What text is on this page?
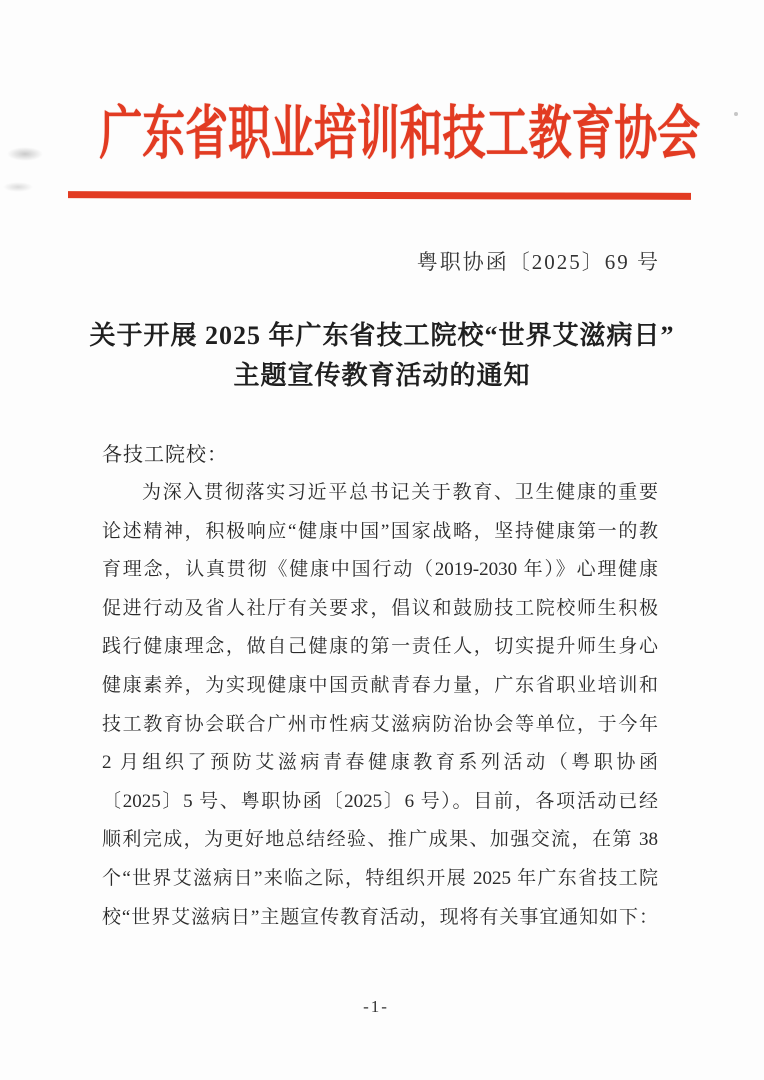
广东省职业培训和技工教育协会
粤职协函〔2025〕69 号
关于开展 2025 年广东省技工院校“世界艾滋病日”
主题宣传教育活动的通知
各技工院校：
为深入贯彻落实习近平总书记关于教育、卫生健康的重要
论述精神，积极响应“健康中国”国家战略，坚持健康第一的教
育理念，认真贯彻《健康中国行动（2019-2030 年）》心理健康
促进行动及省人社厅有关要求，倡议和鼓励技工院校师生积极
践行健康理念，做自己健康的第一责任人，切实提升师生身心
健康素养，为实现健康中国贡献青春力量，广东省职业培训和
技工教育协会联合广州市性病艾滋病防治协会等单位，于今年
2 月组织了预防艾滋病青春健康教育系列活动（粤职协函
〔2025〕5 号、粤职协函〔2025〕6 号）。目前，各项活动已经
顺利完成，为更好地总结经验、推广成果、加强交流，在第 38
个“世界艾滋病日”来临之际，特组织开展 2025 年广东省技工院
校“世界艾滋病日”主题宣传教育活动，现将有关事宜通知如下：
-1-
